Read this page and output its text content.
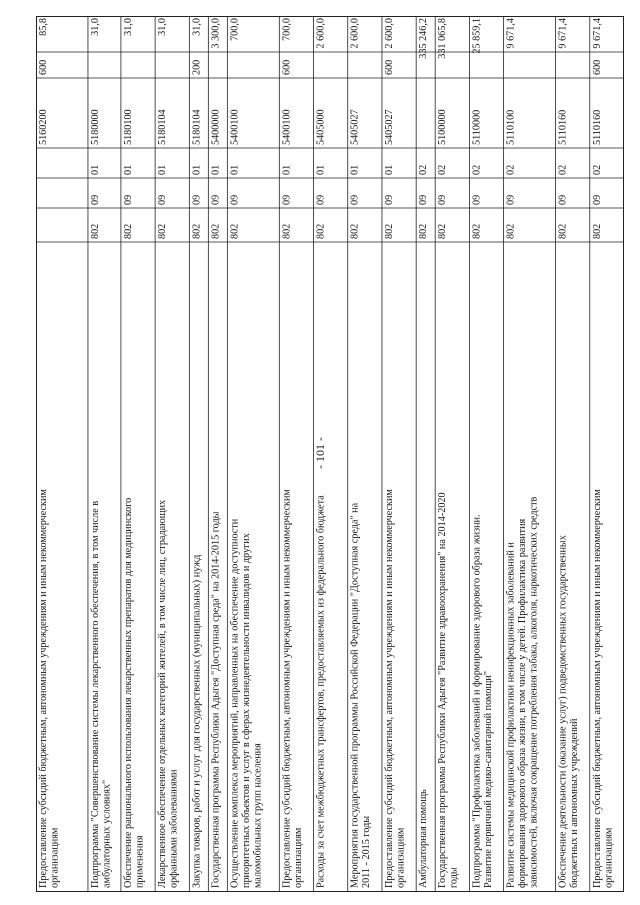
- 101 -
Предоставление субсидий бюджетным, автономным учреждениям и иным некоммерческим организациям
5160200
600
85,8
Подпрограмма "Совершенствование системы лекарственного обеспечения, в том числе в амбулаторных условиях"
802
09
01
5180000
31,0
Обеспечение рационального использования лекарственных препаратов для медицинского применения
802
09
01
5180100
31,0
Лекарственное обеспечение отдельных категорий жителей, в том числе лиц, страдающих орфанными заболеваниями
802
09
01
5180104
31,0
Закупка товаров, работ и услуг для государственных (муниципальных) нужд
802
09
01
5180104
200
31,0
Государственная программа Республики Адыгея "Доступная среда" на 2014-2015 годы
802
09
01
5400000
3 300,0
Осуществление комплекса мероприятий, направленных на обеспечение доступности приоритетных объектов и услуг в сферах жизнедеятельности инвалидов и других маломобильных групп населения
802
09
01
5400100
700,0
Предоставление субсидий бюджетным, автономным учреждениям и иным некоммерческим организациям
802
09
01
5400100
600
700,0
Расходы за счет межбюджетных трансфертов, предоставляемых из федерального бюджета
802
09
01
5405000
2 600,0
Мероприятия государственной программы Российской Федерации "Доступная среда" на 2011 - 2015 годы
802
09
01
5405027
2 600,0
Предоставление субсидий бюджетным, автономным учреждениям и иным некоммерческим организациям
802
09
01
5405027
600
2 600,0
Амбулаторная помощь
802
09
02
335 246,2
Государственная программа Республики Адыгея "Развитие здравоохранения" на 2014-2020 годы
802
09
02
5100000
331 065,8
Подпрограмма "Профилактика заболеваний и формирование здорового образа жизни. Развитие первичной медико-санитарной помощи"
802
09
02
5110000
25 859,1
Развитие системы медицинской профилактики неинфекционных заболеваний и формирования здорового образа жизни, в том числе у детей. Профилактика развития зависимостей, включая сокращение потребления табака, алкоголя, наркотических средств
802
09
02
5110100
9 671,4
Обеспечение деятельности (оказание услуг) подведомственных государственных бюджетных и автономных учреждений
802
09
02
5110160
9 671,4
Предоставление субсидий бюджетным, автономным учреждениям и иным некоммерческим организациям
802
09
02
5110160
600
9 671,4
